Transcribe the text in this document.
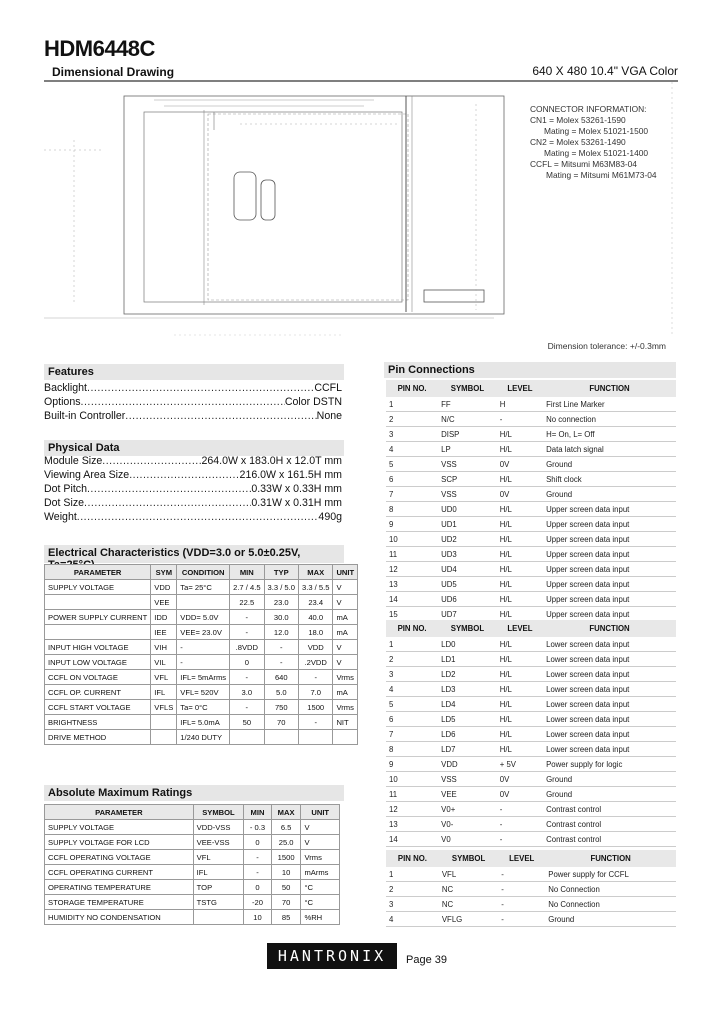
HDM6448C
Dimensional Drawing	640 X 480 10.4" VGA Color
CONNECTOR INFORMATION:
CN1 = Molex 53261-1590
Mating = Molex 51021-1500
CN2 = Molex 53261-1490
Mating = Molex 51021-1400
CCFL = Mitsumi M63M83-04
Mating = Mitsumi M61M73-04
Dimension tolerance: +/-0.3mm
Features
Backlight .....	CCFL
Options .....	Color DSTN
Built-in Controller .....	None
Physical Data
Module Size .....	264.0W x 183.0H x 12.0T mm
Viewing Area Size .....	216.0W x 161.5H mm
Dot Pitch .....	0.33W x 0.33H mm
Dot Size .....	0.31W x 0.31H mm
Weight .....	490g
Electrical Characteristics (VDD=3.0 or 5.0±0.25V,
PARAMETER	SYM	CONDITION	MIN	TYP	MAX	UNIT
SUPPLY VOLTAGE	VDD	Ta= 25°C	2.7 / 4.5	3.3 / 5.0	3.3 / 5.5	V
	VEE		22.5	23.0	23.4	V
POWER SUPPLY CURRENT	IDD	VDD= 5.0V	-	30.0	40.0	mA
	IEE	VEE= 23.0V	-	12.0	18.0	mA
INPUT HIGH VOLTAGE	VIH	-	.8VDD	-	VDD	V
INPUT LOW VOLTAGE	VIL	-	0	-	.2VDD	V
CCFL ON VOLTAGE	VFL	IFL= 5mArms	-	640	-	Vrms
CCFL OP. CURRENT	IFL	VFL= 520V	3.0	5.0	7.0	mA
CCFL START VOLTAGE	VFLS	Ta= 0°C	-	750	1500	Vrms
BRIGHTNESS		IFL= 5.0mA	50	70	-	NIT
DRIVE METHOD		1/240 DUTY				
Absolute Maximum Ratings
PARAMETER	SYMBOL	MIN	MAX	UNIT
SUPPLY VOLTAGE	VDD-VSS	- 0.3	6.5	V
SUPPLY VOLTAGE FOR LCD	VEE-VSS	0	25.0	V
CCFL OPERATING VOLTAGE	VFL	-	1500	Vrms
CCFL OPERATING CURRENT	IFL	-	10	mArms
OPERATING TEMPERATURE	TOP	0	50	°C
STORAGE TEMPERATURE	TSTG	-20	70	°C
HUMIDITY NO CONDENSATION		10	85	%RH
Pin Connections
PIN NO.	SYMBOL	LEVEL	FUNCTION
1	FF	H	First Line Marker
2	N/C	-	No connection
3	DISP	H/L	H= On, L= Off
4	LP	H/L	Data latch signal
5	VSS	0V	Ground
6	SCP	H/L	Shift clock
7	VSS	0V	Ground
8	UD0	H/L	Upper screen data input
9	UD1	H/L	Upper screen data input
10	UD2	H/L	Upper screen data input
11	UD3	H/L	Upper screen data input
12	UD4	H/L	Upper screen data input
13	UD5	H/L	Upper screen data input
14	UD6	H/L	Upper screen data input
15	UD7	H/L	Upper screen data input
PIN NO.	SYMBOL	LEVEL	FUNCTION
1	LD0	H/L	Lower screen data input
2	LD1	H/L	Lower screen data input
3	LD2	H/L	Lower screen data input
4	LD3	H/L	Lower screen data input
5	LD4	H/L	Lower screen data input
6	LD5	H/L	Lower screen data input
7	LD6	H/L	Lower screen data input
8	LD7	H/L	Lower screen data input
9	VDD	+ 5V	Power supply for logic
10	VSS	0V	Ground
11	VEE	0V	Ground
12	V0+	-	Contrast control
13	V0-	-	Contrast control
14	V0	-	Contrast control
PIN NO.	SYMBOL	LEVEL	FUNCTION
1	VFL	-	Power supply for CCFL
2	NC	-	No Connection
3	NC	-	No Connection
4	VFLG	-	Ground
HANTRONIX	Page 39
